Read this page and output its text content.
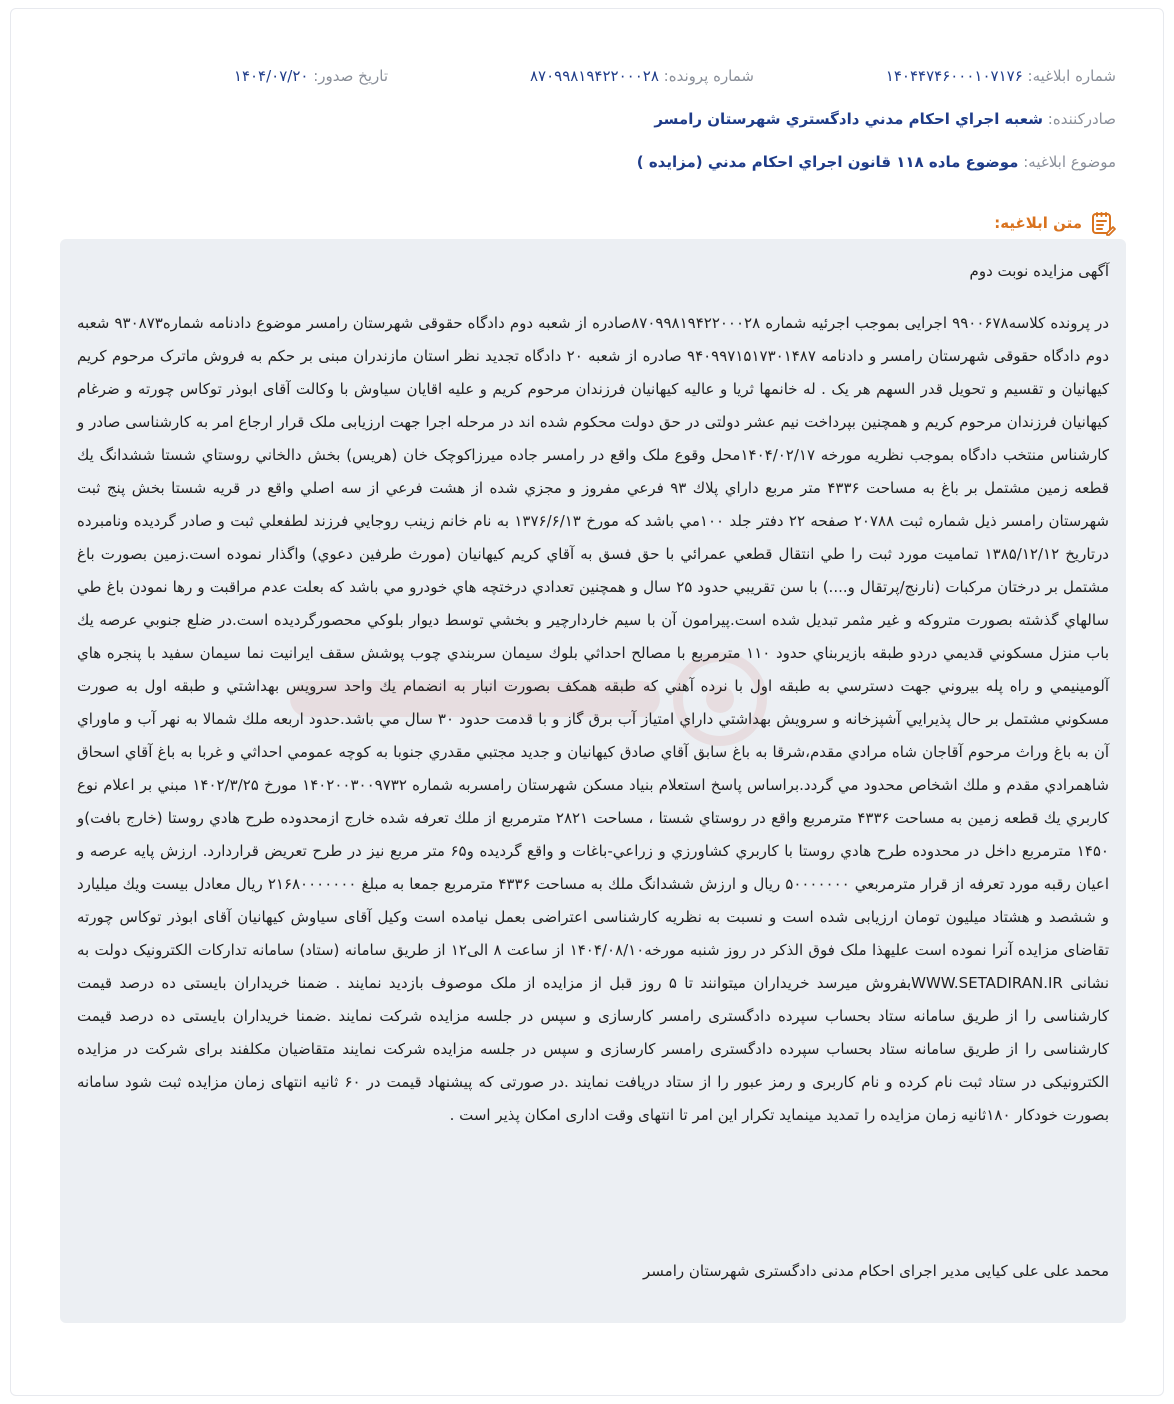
شماره ابلاغیه: ۱۴۰۴۴۷۴۶۰۰۰۱۰۷۱۷۶
شماره پرونده: ۸۷۰۹۹۸۱۹۴۲۲۰۰۰۲۸
تاریخ صدور: ۱۴۰۴/۰۷/۲۰
صادرکننده: شعبه اجراي احكام مدني دادگستري شهرستان رامسر
موضوع ابلاغیه: موضوع ماده ۱۱۸ قانون اجراي احكام مدني (مزايده )
متن ابلاغیه:

آگهی مزایده نوبت دوم

در پرونده کلاسه۹۹۰۰۶۷۸ اجرایی بموجب اجرئیه شماره ۸۷۰۹۹۸۱۹۴۲۲۰۰۰۲۸صادره از شعبه دوم دادگاه حقوقی شهرستان رامسر موضوع دادنامه شماره۹۳۰۸۷۳ شعبه دوم دادگاه حقوقی شهرستان رامسر و دادنامه ۹۴۰۹۹۷۱۵۱۷۳۰۱۴۸۷ صادره از شعبه ۲۰ دادگاه تجدید نظر استان مازندران مبنی بر حکم به فروش ماترک مرحوم کریم کیهانیان و تقسیم و تحویل قدر السهم هر یک . له خانمها ثریا و عالیه کیهانیان فرزندان مرحوم کریم و علیه اقایان سیاوش با وکالت آقای ابوذر توکاس چورته و ضرغام کیهانیان فرزندان مرحوم کریم و همچنین بپرداخت نیم عشر دولتی در حق دولت محکوم شده اند در مرحله اجرا جهت ارزیابی ملک قرار ارجاع امر به کارشناسی صادر و کارشناس منتخب دادگاه بموجب نظریه مورخه ۱۴۰۴/۰۲/۱۷محل وقوع ملک واقع در رامسر جاده میرزاکوچک خان (هريس) بخش دالخاني روستاي شستا ششدانگ يك قطعه زمين مشتمل بر باغ به مساحت ۴۳۳۶ متر مربع داراي پلاك ۹۳ فرعي مفروز و مجزي شده از هشت فرعي از سه اصلي واقع در قريه شستا بخش پنج ثبت شهرستان رامسر ذيل شماره ثبت ۲۰۷۸۸ صفحه ۲۲ دفتر جلد ۱۰۰مي باشد كه مورخ ۱۳۷۶/۶/۱۳ به نام خانم زينب روجايي فرزند لطفعلي ثبت و صادر گرديده ونامبرده درتاريخ ۱۳۸۵/۱۲/۱۲ تماميت مورد ثبت را طي انتقال قطعي عمرائي با حق فسق به آقاي كريم كيهانيان (مورث طرفين دعوي) واگذار نموده است.زمين بصورت باغ مشتمل بر درختان مركبات (نارنج/پرتقال و....) با سن تقريبي حدود ۲۵ سال و همچنين تعدادي درختچه هاي خودرو مي باشد كه بعلت عدم مراقبت و رها نمودن باغ طي سالهاي گذشته بصورت متروكه و غير مثمر تبديل شده است.پيرامون آن با سيم خاردارچير و بخشي توسط ديوار بلوكي محصورگرديده است.در ضلع جنوبي عرصه يك باب منزل مسكوني قديمي دردو طبقه بازيربناي حدود ۱۱۰ مترمربع با مصالح احداثي بلوك سيمان سربندي چوب پوشش سقف ايرانيت نما سيمان سفيد با پنجره هاي آلومينيمي و راه پله بيروني جهت دسترسي به طبقه اول با نرده آهني كه طبقه همكف بصورت انبار به انضمام يك واحد سرويس بهداشتي و طبقه اول به صورت مسكوني مشتمل بر حال پذيرايي آشپزخانه و سرويش بهداشتي داراي امتياز آب برق گاز و با قدمت حدود ۳۰ سال مي باشد.حدود اربعه ملك شمالا به نهر آب و ماوراي آن به باغ وراث مرحوم آقاجان شاه مرادي مقدم،شرقا به باغ سابق آقاي صادق كيهانيان و جديد مجتبي مقدري جنوبا به كوچه عمومي احداثي و غربا به باغ آقاي اسحاق شاهمرادي مقدم و ملك اشخاص محدود مي گردد.براساس پاسخ استعلام بنياد مسكن شهرستان رامسربه شماره ۱۴۰۲۰۰۳۰۰۹۷۳۲ مورخ ۱۴۰۲/۳/۲۵ مبني بر اعلام نوع كاربري يك قطعه زمين به مساحت ۴۳۳۶ مترمربع واقع در روستاي شستا ، مساحت ۲۸۲۱ مترمربع از ملك تعرفه شده خارج ازمحدوده طرح هادي روستا (خارج بافت)و ۱۴۵۰ مترمربع داخل در محدوده طرح هادي روستا با كاربري كشاورزي و زراعي-باغات و واقع گرديده و۶۵ متر مربع نيز در طرح تعريض قراردارد. ارزش پايه عرصه و اعيان رقبه مورد تعرفه از قرار مترمربعي ۵۰۰۰۰۰۰۰ ريال و ارزش ششدانگ ملك به مساحت ۴۳۳۶ مترمربع جمعا به مبلغ ۲۱۶۸۰۰۰۰۰۰۰ ريال معادل بيست ويك ميليارد و ششصد و هشتاد میلیون تومان ارزیابی شده است و نسبت به نظریه کارشناسی اعتراضی بعمل نیامده است وکیل آقای سیاوش کیهانیان آقای ابوذر توکاس چورته تقاضای مزایده آنرا نموده است علیهذا ملک فوق الذکر در روز شنبه مورخه۱۴۰۴/۰۸/۱۰ از ساعت ۸ الی۱۲ از طریق سامانه (ستاد) سامانه تدارکات الکترونیک دولت به نشانی WWW.SETADIRAN.IRبفروش میرسد خریداران میتوانند تا ۵ روز قبل از مزایده از ملک موصوف بازدید نمایند . ضمنا خریداران بایستی ده درصد قیمت کارشناسی را از طریق سامانه ستاد بحساب سپرده دادگستری رامسر کارسازی و سپس در جلسه مزایده شرکت نمایند .ضمنا خریداران بایستی ده درصد قیمت کارشناسی را از طریق سامانه ستاد بحساب سپرده دادگستری رامسر کارسازی و سپس در جلسه مزایده شرکت نمایند متقاضیان مکلفند برای شرکت در مزایده الکترونیکی در ستاد ثبت نام کرده و نام کاربری و رمز عبور را از ستاد دریافت نمایند .در صورتی که پیشنهاد قیمت در ۶۰ ثانیه انتهای زمان مزایده ثبت شود سامانه بصورت خودکار ۱۸۰ثانیه زمان مزایده را تمدید مینماید تکرار این امر تا انتهای وقت اداری امکان پذیر است .

محمد علی علی کیایی مدیر اجرای احکام مدنی دادگستری شهرستان رامسر
